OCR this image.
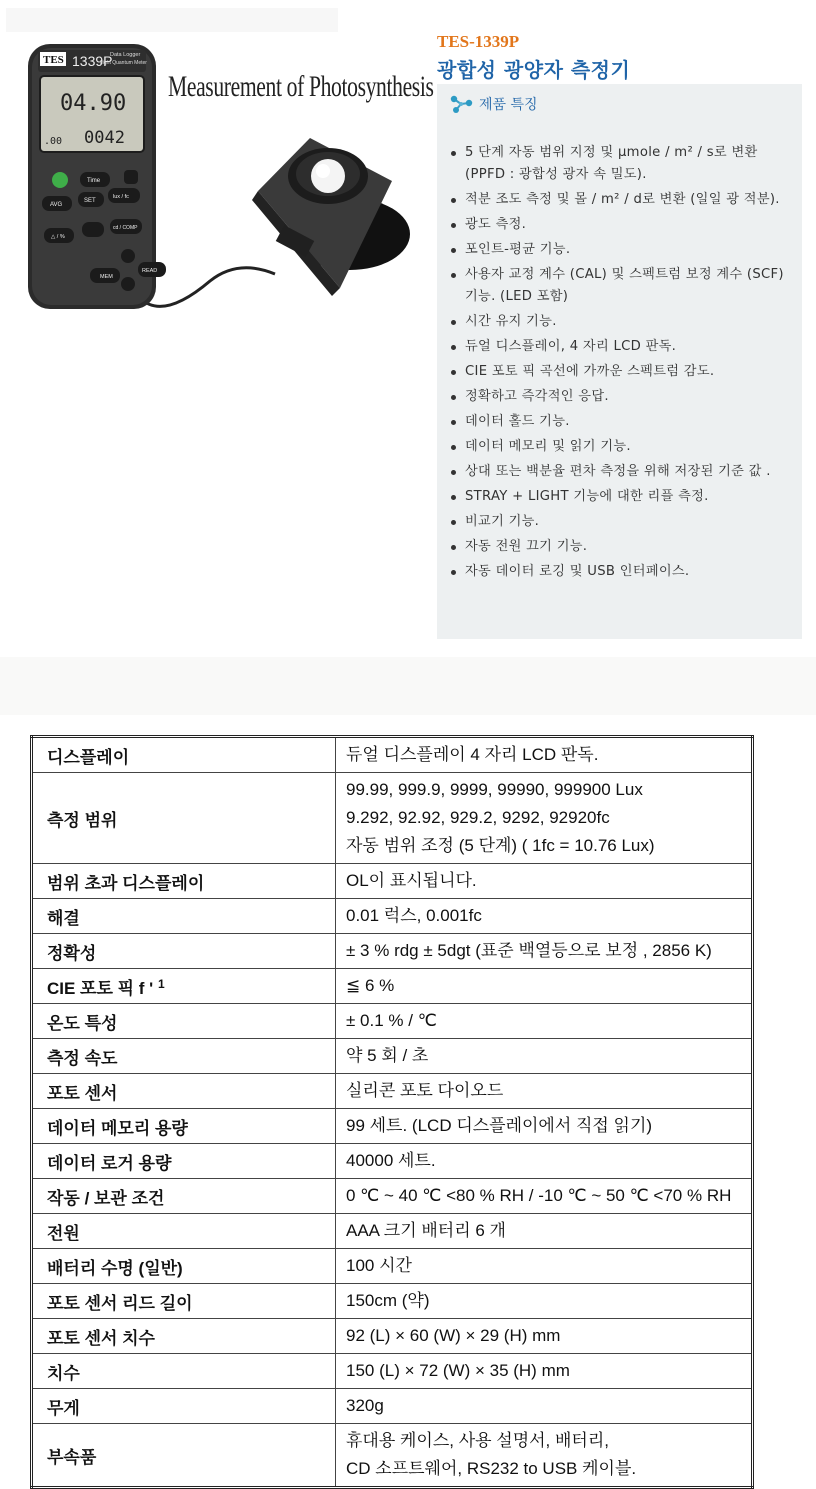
TES 1339P
Data Logger
Light Quantum Meter
04.90
.00 0042
Time
AVG
SET
lux / fc
△ / %
cd / COMP
MEM
READ
Measurement of Photosynthesis
TES-1339P
광합성 광양자 측정기
제품 특징
5 단계 자동 범위 지정 및 μmole / m² / s로 변환 (PPFD : 광합성 광자 속 밀도).
적분 조도 측정 및 몰 / m² / d로 변환 (일일 광 적분).
광도 측정.
포인트-평균 기능.
사용자 교정 계수 (CAL) 및 스펙트럼 보정 계수 (SCF) 기능. (LED 포함)
시간 유지 기능.
듀얼 디스플레이, 4 자리 LCD 판독.
CIE 포토 픽 곡선에 가까운 스펙트럼 감도.
정확하고 즉각적인 응답.
데이터 홀드 기능.
데이터 메모리 및 읽기 기능.
상대 또는 백분율 편차 측정을 위해 저장된 기준 값 .
STRAY + LIGHT 기능에 대한 리플 측정.
비교기 기능.
자동 전원 끄기 기능.
자동 데이터 로깅 및 USB 인터페이스.
디스플레이	듀얼 디스플레이 4 자리 LCD 판독.

측정 범위	99.99, 999.9, 9999, 99990, 999900 Lux
9.292, 92.92, 929.2, 9292, 92920fc
자동 범위 조정 (5 단계) ( 1fc = 10.76 Lux)

범위 초과 디스플레이	OL이 표시됩니다.

해결	0.01 럭스, 0.001fc

정확성	± 3 % rdg ± 5dgt (표준 백열등으로 보정 , 2856 K)

CIE 포토 픽 f ' $^1$	≦ 6 %

온도 특성	± 0.1 % / ℃

측정 속도	약 5 회 / 초

포토 센서	실리콘 포토 다이오드

데이터 메모리 용량	99 세트. (LCD 디스플레이에서 직접 읽기)

데이터 로거 용량	40000 세트.

작동 / 보관 조건	0 ℃ ~ 40 ℃ <80 % RH / -10 ℃ ~ 50 ℃ <70 % RH

전원	AAA 크기 배터리 6 개

배터리 수명 (일반)	100 시간

포토 센서 리드 길이	150cm (약)

포토 센서 치수	92 (L) × 60 (W) × 29 (H) mm

치수	150 (L) × 72 (W) × 35 (H) mm

무게	320g

부속품	휴대용 케이스, 사용 설명서, 배터리,
CD 소프트웨어, RS232 to USB 케이블.
